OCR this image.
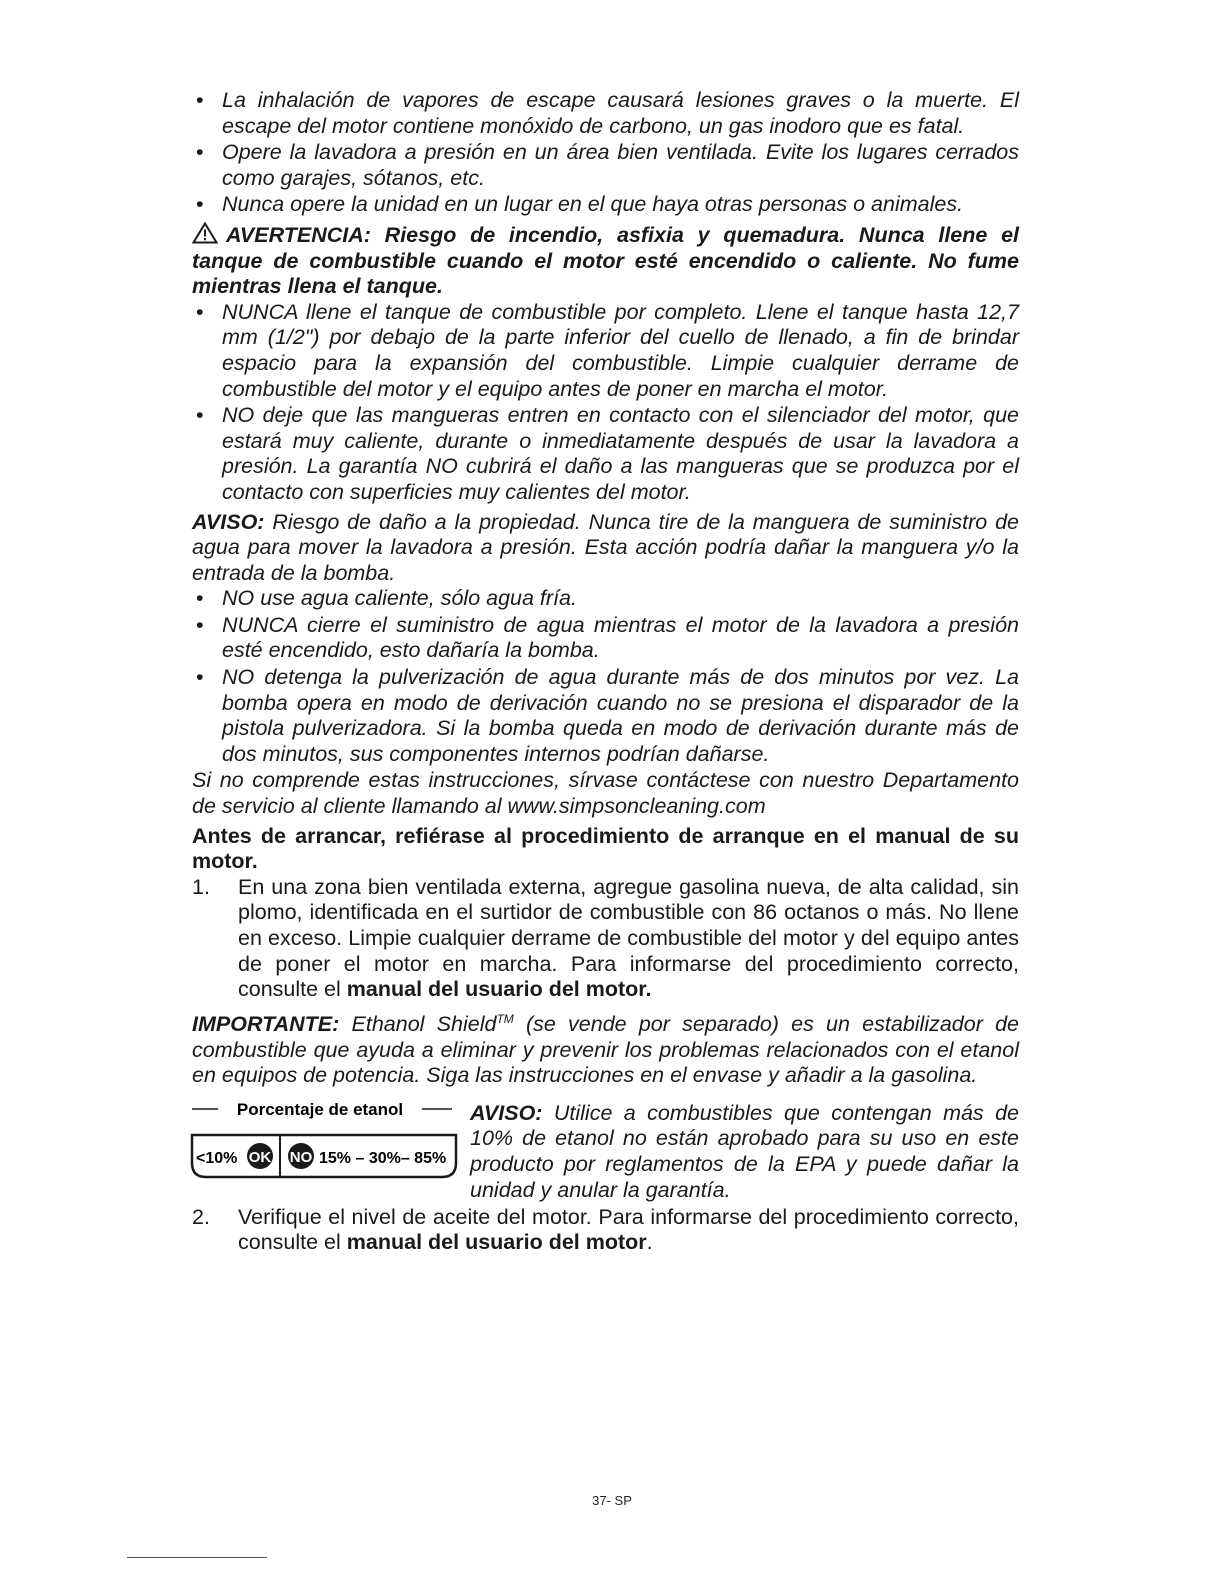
• La inhalación de vapores de escape causará lesiones graves o la muerte. El escape del motor contiene monóxido de carbono, un gas inodoro que es fatal.
• Opere la lavadora a presión en un área bien ventilada. Evite los lugares cerrados como garajes, sótanos, etc.
• Nunca opere la unidad en un lugar en el que haya otras personas o animales.
AVERTENCIA: Riesgo de incendio, asfixia y quemadura. Nunca llene el tanque de combustible cuando el motor esté encendido o caliente. No fume mientras llena el tanque.
• NUNCA llene el tanque de combustible por completo. Llene el tanque hasta 12,7 mm (1/2") por debajo de la parte inferior del cuello de llenado, a fin de brindar espacio para la expansión del combustible. Limpie cualquier derrame de combustible del motor y el equipo antes de poner en marcha el motor.
• NO deje que las mangueras entren en contacto con el silenciador del motor, que estará muy caliente, durante o inmediatamente después de usar la lavadora a presión. La garantía NO cubrirá el daño a las mangueras que se produzca por el contacto con superficies muy calientes del motor.
AVISO: Riesgo de daño a la propiedad. Nunca tire de la manguera de suministro de agua para mover la lavadora a presión. Esta acción podría dañar la manguera y/o la entrada de la bomba.
• NO use agua caliente, sólo agua fría.
• NUNCA cierre el suministro de agua mientras el motor de la lavadora a presión esté encendido, esto dañaría la bomba.
• NO detenga la pulverización de agua durante más de dos minutos por vez. La bomba opera en modo de derivación cuando no se presiona el disparador de la pistola pulverizadora. Si la bomba queda en modo de derivación durante más de dos minutos, sus componentes internos podrían dañarse.
Si no comprende estas instrucciones, sírvase contáctese con nuestro Departamento de servicio al cliente llamando al www.simpsoncleaning.com
Antes de arrancar, refiérase al procedimiento de arranque en el manual de su motor.
1. En una zona bien ventilada externa, agregue gasolina nueva, de alta calidad, sin plomo, identificada en el surtidor de combustible con 86 octanos o más. No llene en exceso. Limpie cualquier derrame de combustible del motor y del equipo antes de poner el motor en marcha. Para informarse del procedimiento correcto, consulte el manual del usuario del motor.
IMPORTANTE: Ethanol Shield™ (se vende por separado) es un estabilizador de combustible que ayuda a eliminar y prevenir los problemas relacionados con el etanol en equipos de potencia. Siga las instrucciones en el envase y añadir a la gasolina.
Porcentaje de etanol
<10% OK NO 15% – 30%– 85%
AVISO: Utilice a combustibles que contengan más de 10% de etanol no están aprobado para su uso en este producto por reglamentos de la EPA y puede dañar la unidad y anular la garantía.
2. Verifique el nivel de aceite del motor. Para informarse del procedimiento correcto, consulte el manual del usuario del motor.
37- SP
